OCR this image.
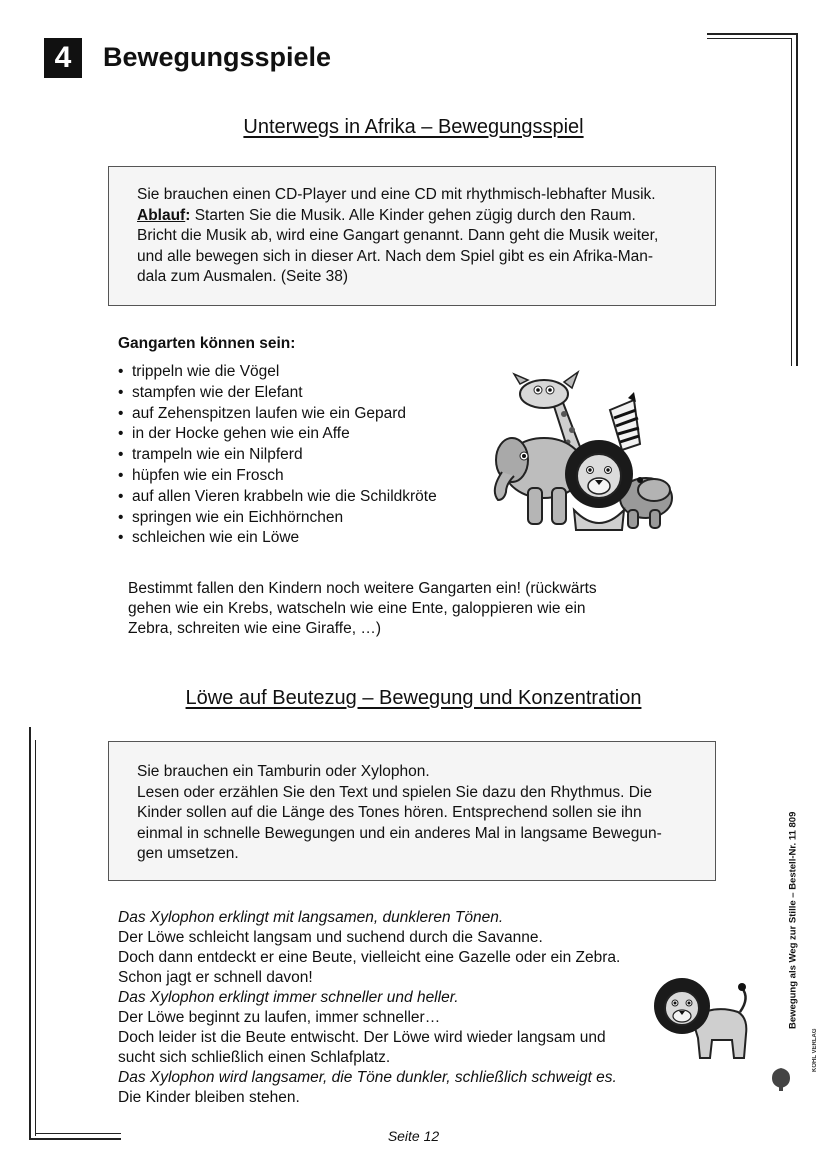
4	Bewegungsspiele
Unterwegs in Afrika – Bewegungsspiel

Sie brauchen einen CD-Player und eine CD mit rhythmisch-lebhafter Musik.

Ablauf: Starten Sie die Musik. Alle Kinder gehen zügig durch den Raum.

Bricht die Musik ab, wird eine Gangart genannt. Dann geht die Musik weiter,

und alle bewegen sich in dieser Art. Nach dem Spiel gibt es ein Afrika-Man-

dala zum Ausmalen. (Seite 38)

Gangarten können sein:
• trippeln wie die Vögel
• stampfen wie der Elefant
• auf Zehenspitzen laufen wie ein Gepard
• in der Hocke gehen wie ein Affe
• trampeln wie ein Nilpferd
• hüpfen wie ein Frosch
• auf allen Vieren krabbeln wie die Schildkröte
• springen wie ein Eichhörnchen
• schleichen wie ein Löwe
Bestimmt fallen den Kindern noch weitere Gangarten ein! (rückwärts
gehen wie ein Krebs, watscheln wie eine Ente, galoppieren wie ein
Zebra, schreiten wie eine Giraffe, …)
Löwe auf Beutezug – Bewegung und Konzentration

Sie brauchen ein Tamburin oder Xylophon.

Lesen oder erzählen Sie den Text und spielen Sie dazu den Rhythmus. Die

Kinder sollen auf die Länge des Tones hören. Entsprechend sollen sie ihn

einmal in schnelle Bewegungen und ein anderes Mal in langsame Bewegun-

gen umsetzen.

Das Xylophon erklingt mit langsamen, dunkleren Tönen.
Der Löwe schleicht langsam und suchend durch die Savanne.
Doch dann entdeckt er eine Beute, vielleicht eine Gazelle oder ein Zebra.
Schon jagt er schnell davon!
Das Xylophon erklingt immer schneller und heller.
Der Löwe beginnt zu laufen, immer schneller…
Doch leider ist die Beute entwischt. Der Löwe wird wieder langsam und
sucht sich schließlich einen Schlafplatz.
Das Xylophon wird langsamer, die Töne dunkler, schließlich schweigt es.
Die Kinder bleiben stehen.
Bewegung als Weg zur Stille – Bestell-Nr. 11 809
KOHL VERLAG
Seite 12
